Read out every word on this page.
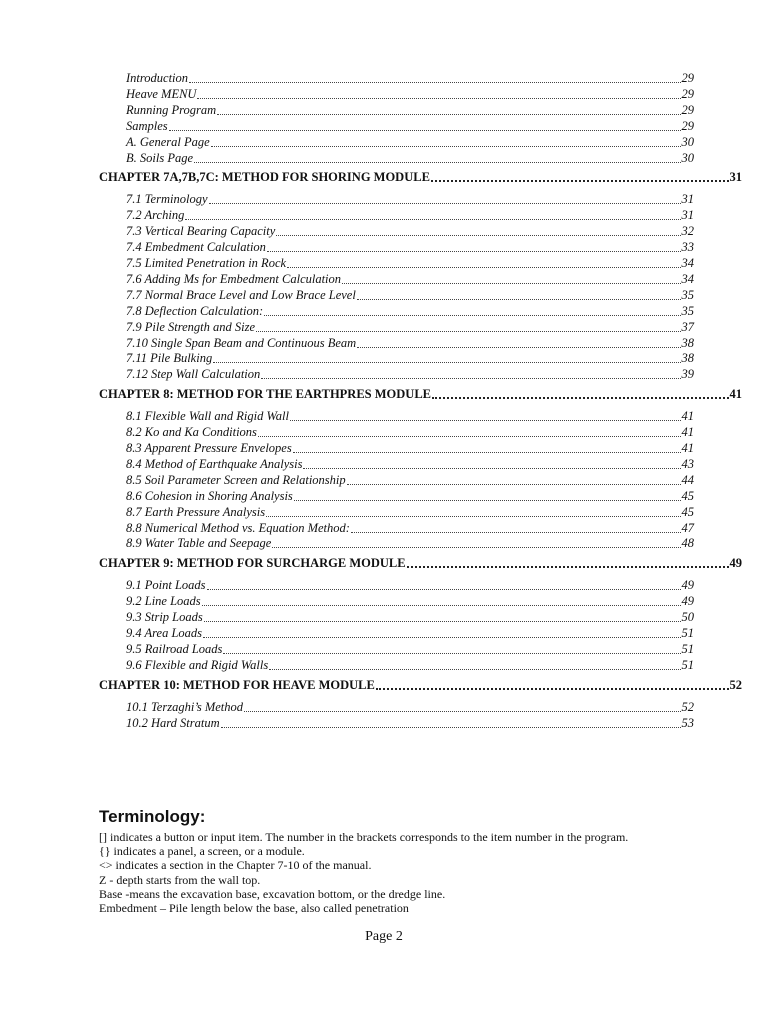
Introduction	29
Heave MENU	29
Running Program	29
Samples	29
A. General Page	30
B. Soils Page	30
CHAPTER 7A,7B,7C: METHOD FOR SHORING MODULE	31
7.1 Terminology	31
7.2 Arching	31
7.3 Vertical Bearing Capacity	32
7.4 Embedment Calculation	33
7.5 Limited Penetration in Rock	34
7.6 Adding Ms for Embedment Calculation	34
7.7 Normal Brace Level and Low Brace Level	35
7.8 Deflection Calculation:	35
7.9 Pile Strength and Size	37
7.10 Single Span Beam and Continuous Beam	38
7.11 Pile Bulking	38
7.12 Step Wall Calculation	39
CHAPTER 8: METHOD FOR THE EARTHPRES MODULE	41
8.1 Flexible Wall and Rigid Wall	41
8.2 Ko and Ka Conditions	41
8.3 Apparent Pressure Envelopes	41
8.4 Method of Earthquake Analysis	43
8.5 Soil Parameter Screen and Relationship	44
8.6 Cohesion in Shoring Analysis	45
8.7 Earth Pressure Analysis	45
8.8 Numerical Method vs. Equation Method:	47
8.9 Water Table and Seepage	48
CHAPTER 9: METHOD FOR SURCHARGE MODULE	49
9.1 Point Loads	49
9.2 Line Loads	49
9.3 Strip Loads	50
9.4 Area Loads	51
9.5 Railroad Loads	51
9.6 Flexible and Rigid Walls	51
CHAPTER 10: METHOD FOR HEAVE MODULE	52
10.1 Terzaghi’s Method	52
10.2 Hard Stratum	53
Terminology:
[] indicates a button or input item. The number in the brackets corresponds to the item number in the program.
{} indicates a panel, a screen, or a module.
<> indicates a section in the Chapter 7-10 of the manual.
Z - depth starts from the wall top.
Base -means the excavation base, excavation bottom, or the dredge line.
Embedment – Pile length below the base, also called penetration
Page 2
